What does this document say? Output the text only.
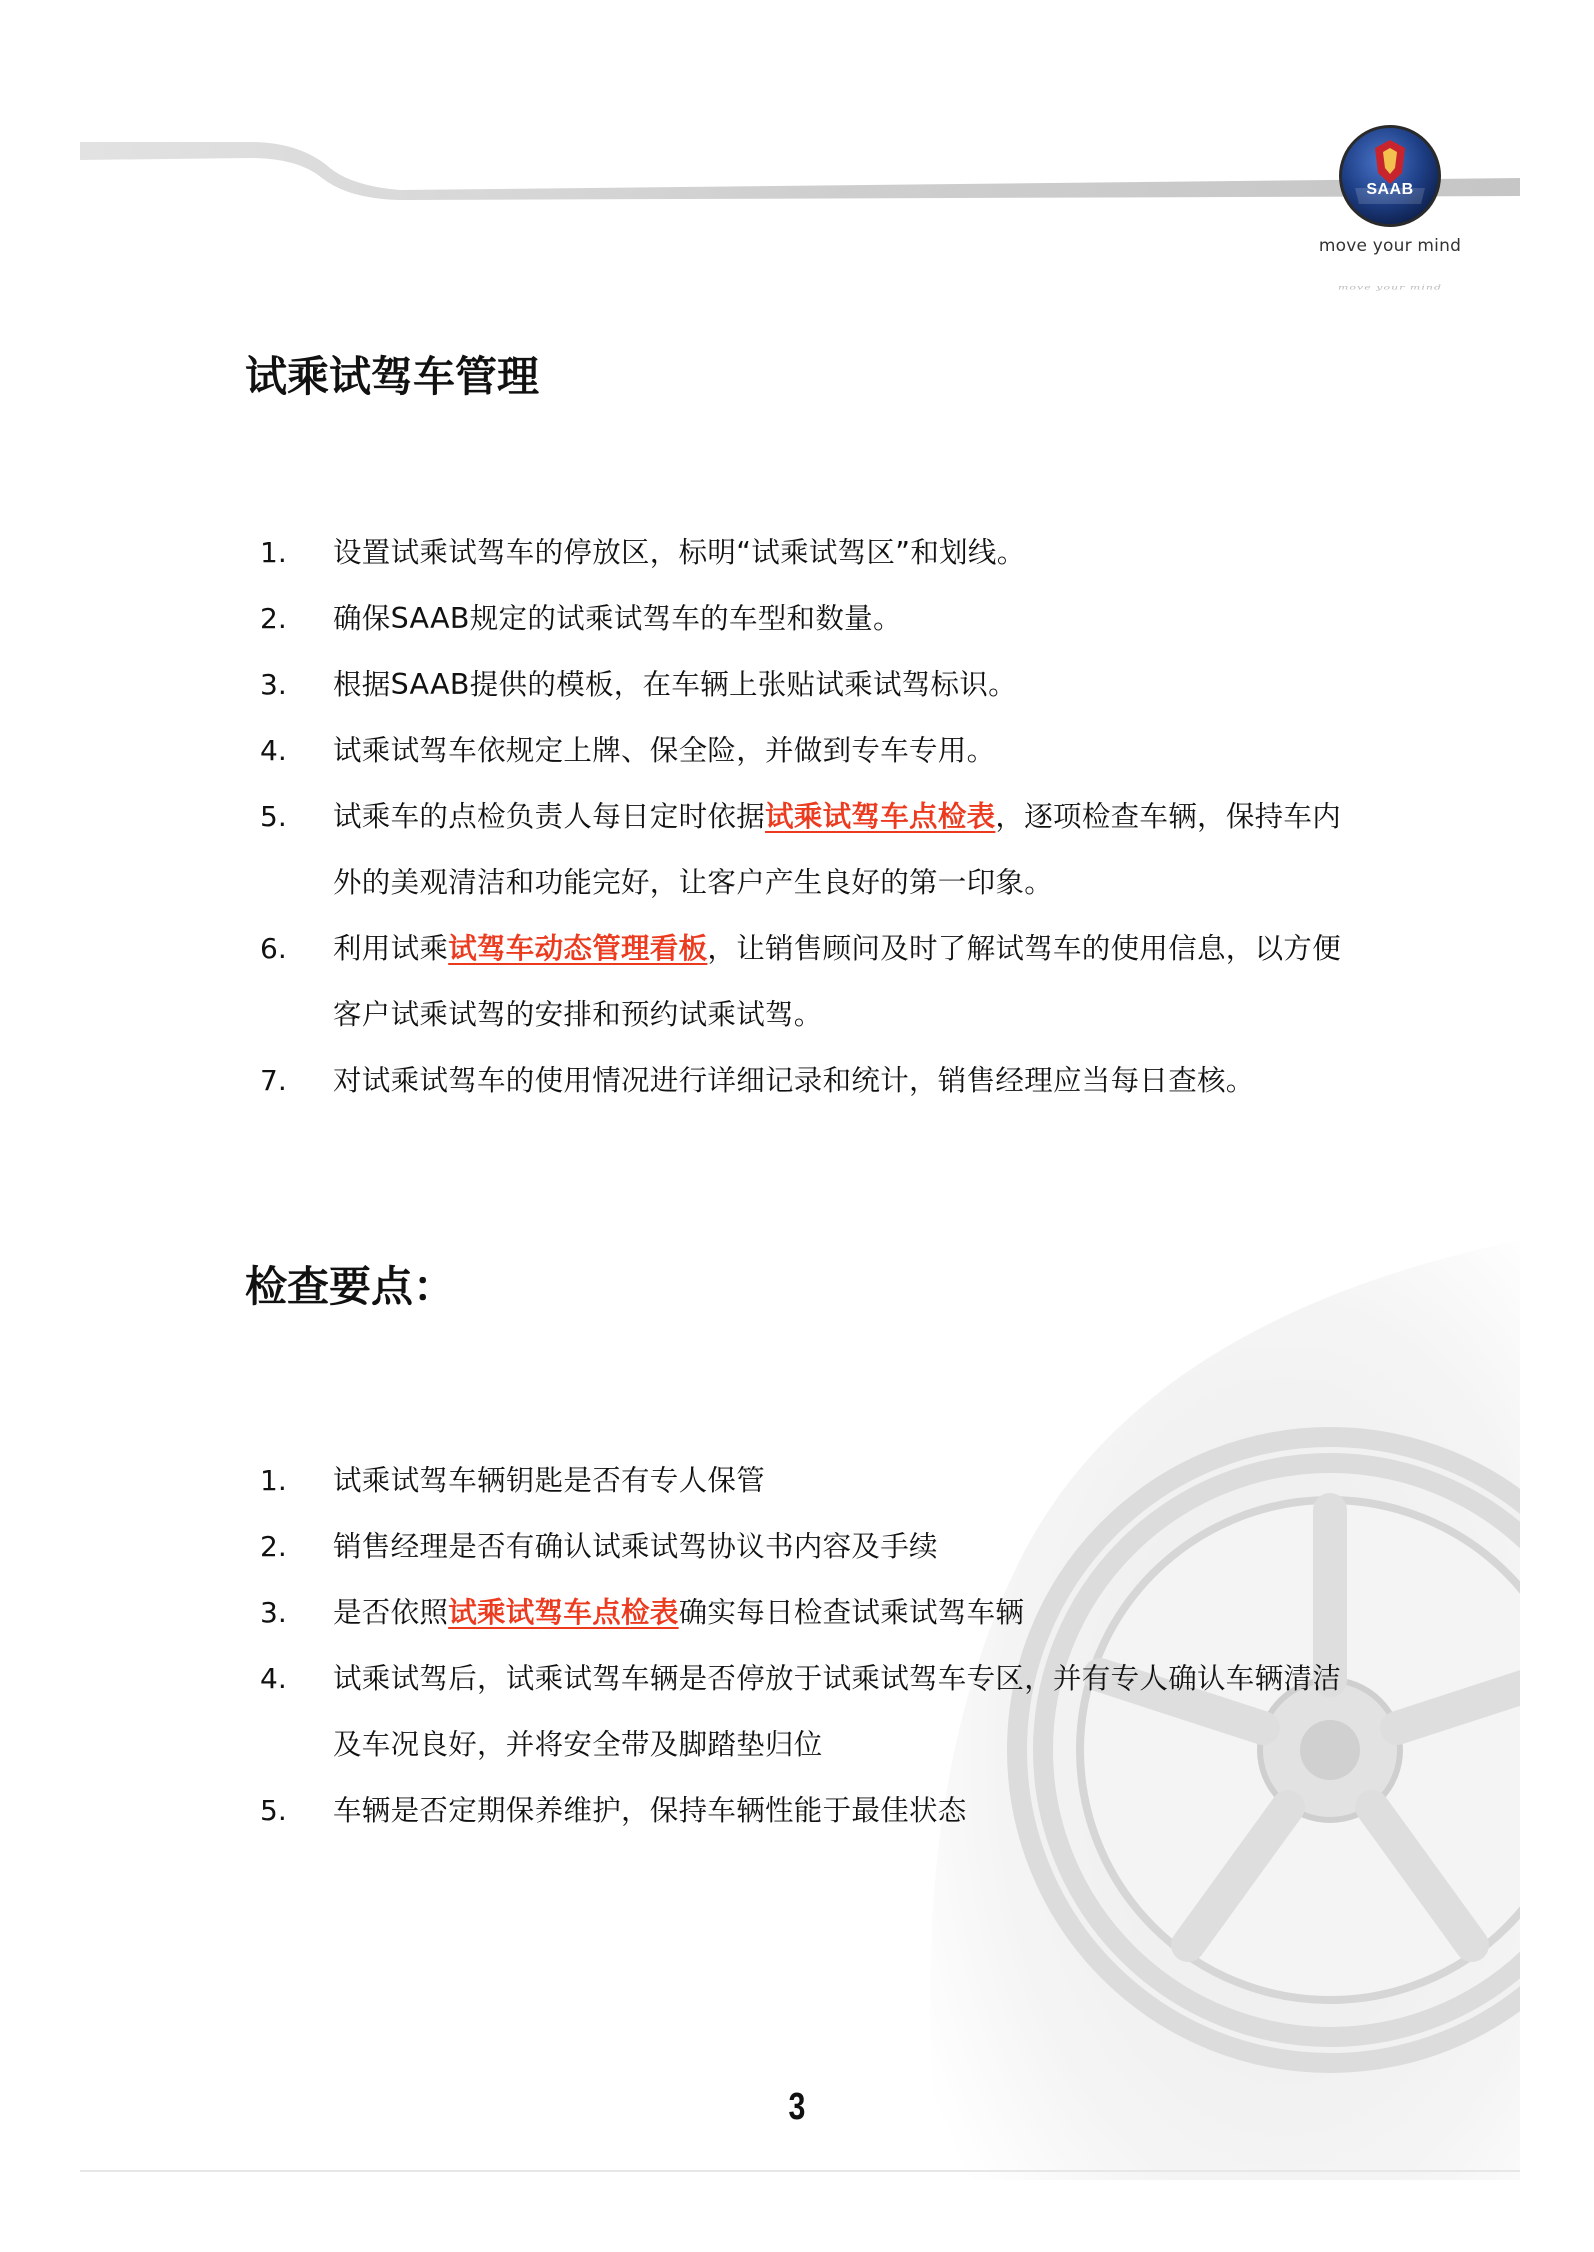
SAAB
move your mind
move your mind
试乘试驾车管理
1. 设置试乘试驾车的停放区，标明“试乘试驾区”和划线。
2. 确保SAAB规定的试乘试驾车的车型和数量。
3. 根据SAAB提供的模板，在车辆上张贴试乘试驾标识。
4. 试乘试驾车依规定上牌、保全险，并做到专车专用。
5. 试乘车的点检负责人每日定时依据试乘试驾车点检表，逐项检查车辆，保持车内外的美观清洁和功能完好，让客户产生良好的第一印象。
6. 利用试乘试驾车动态管理看板，让销售顾问及时了解试驾车的使用信息，以方便客户试乘试驾的安排和预约试乘试驾。
7. 对试乘试驾车的使用情况进行详细记录和统计，销售经理应当每日查核。
检查要点：
1. 试乘试驾车辆钥匙是否有专人保管
2. 销售经理是否有确认试乘试驾协议书内容及手续
3. 是否依照试乘试驾车点检表确实每日检查试乘试驾车辆
4. 试乘试驾后，试乘试驾车辆是否停放于试乘试驾车专区，并有专人确认车辆清洁及车况良好，并将安全带及脚踏垫归位
5. 车辆是否定期保养维护，保持车辆性能于最佳状态
3
